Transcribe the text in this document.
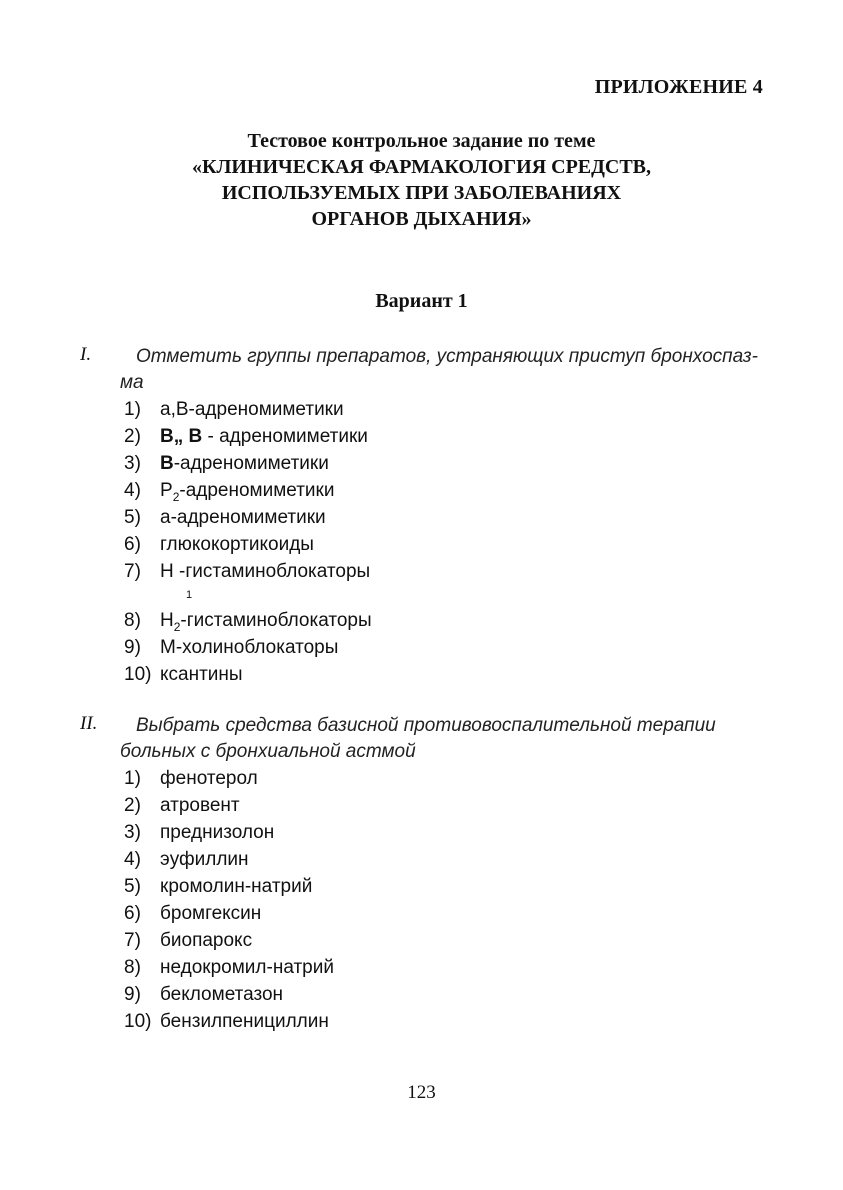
ПРИЛОЖЕНИЕ 4
Тестовое контрольное задание по теме
«КЛИНИЧЕСКАЯ ФАРМАКОЛОГИЯ СРЕДСТВ,
ИСПОЛЬЗУЕМЫХ ПРИ ЗАБОЛЕВАНИЯХ
ОРГАНОВ ДЫХАНИЯ»
Вариант 1
I.	Отметить группы препаратов, устраняющих приступ бронхоспаз-ма
1) а,В-адреномиметики
2) В„ В - адреномиметики
3) В-адреномиметики
4) $Р_2$-адреномиметики
5) а-адреномиметики
6) глюкокортикоиды
7) Н -гистаминоблокаторы
8) $Н_2$-гистаминоблокаторы
9) М-холиноблокаторы
10) ксантины
1
II.	Выбрать средства базисной противовоспалительной терапии больных с бронхиальной астмой
1) фенотерол
2) атровент
3) преднизолон
4) эуфиллин
5) кромолин-натрий
6) бромгексин
7) биопарокс
8) недокромил-натрий
9) беклометазон
10) бензилпенициллин
123
